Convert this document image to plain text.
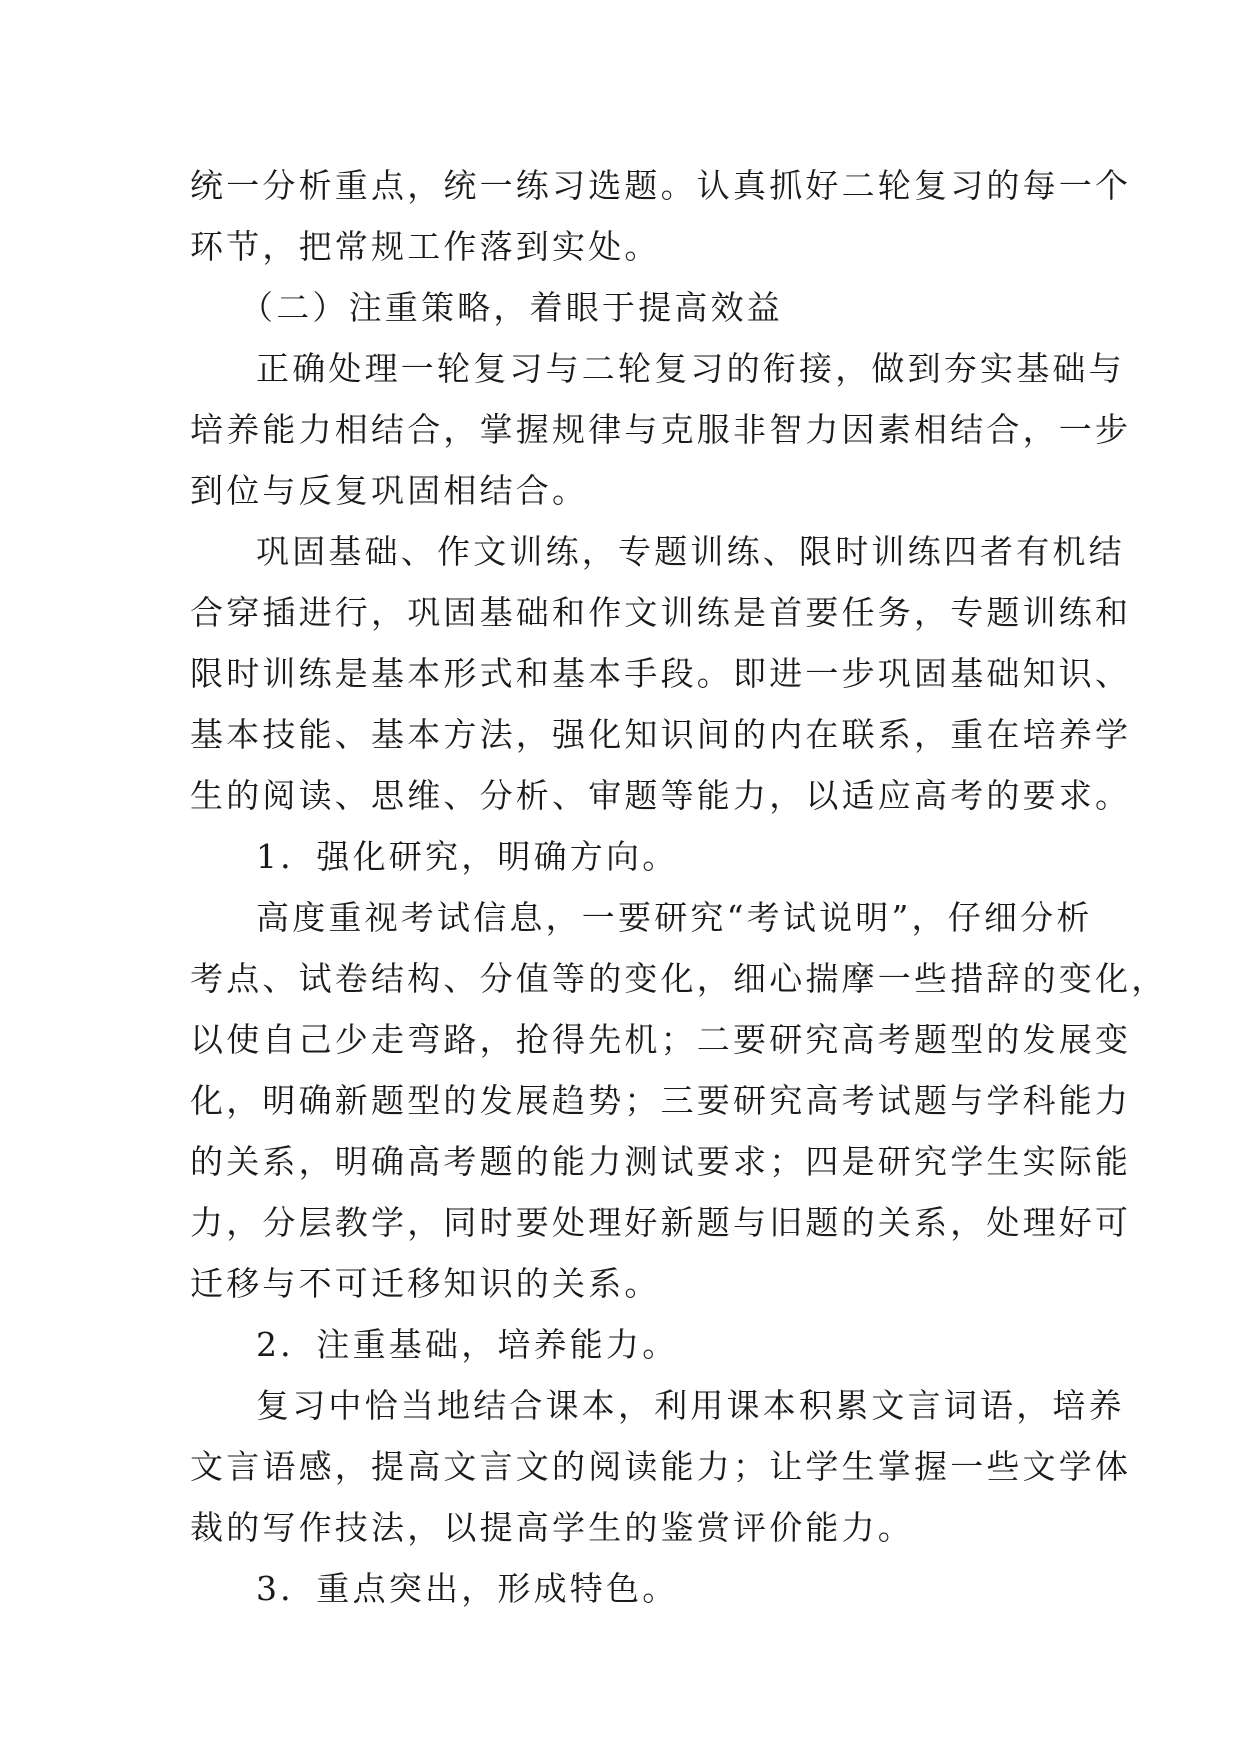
统一分析重点，统一练习选题。认真抓好二轮复习的每一个
环节，把常规工作落到实处。
（二）注重策略，着眼于提高效益
正确处理一轮复习与二轮复习的衔接，做到夯实基础与
培养能力相结合，掌握规律与克服非智力因素相结合，一步
到位与反复巩固相结合。
巩固基础、作文训练，专题训练、限时训练四者有机结
合穿插进行，巩固基础和作文训练是首要任务，专题训练和
限时训练是基本形式和基本手段。即进一步巩固基础知识、
基本技能、基本方法，强化知识间的内在联系，重在培养学
生的阅读、思维、分析、审题等能力，以适应高考的要求。
1．强化研究，明确方向。
高度重视考试信息，一要研究“考试说明”，仔细分析
考点、试卷结构、分值等的变化，细心揣摩一些措辞的变化，
以使自己少走弯路，抢得先机；二要研究高考题型的发展变
化，明确新题型的发展趋势；三要研究高考试题与学科能力
的关系，明确高考题的能力测试要求；四是研究学生实际能
力，分层教学，同时要处理好新题与旧题的关系，处理好可
迁移与不可迁移知识的关系。
2．注重基础，培养能力。
复习中恰当地结合课本，利用课本积累文言词语，培养
文言语感，提高文言文的阅读能力；让学生掌握一些文学体
裁的写作技法，以提高学生的鉴赏评价能力。
3．重点突出，形成特色。
